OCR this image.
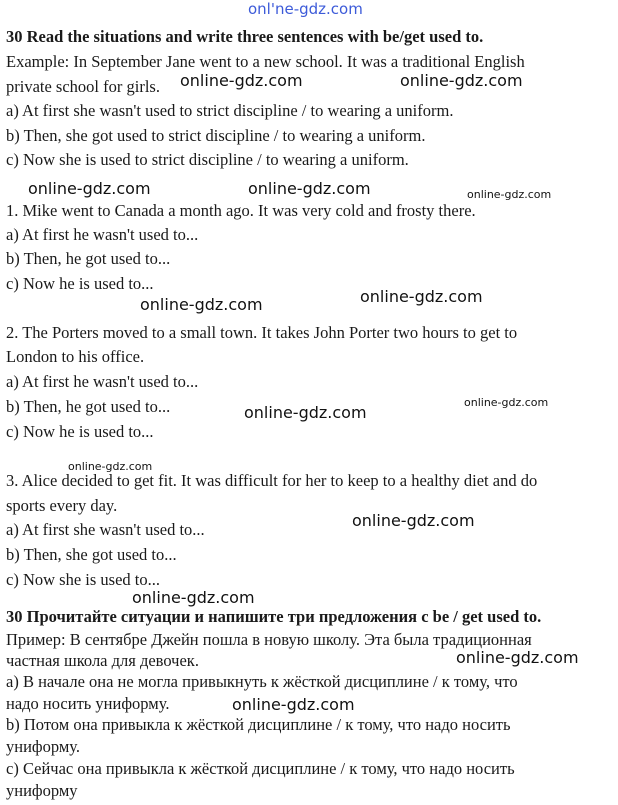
onl'ne-gdz.com
30 Read the situations and write three sentences with be/get used to.
Example: In September Jane went to a new school. It was a traditional English
private school for girls.
a) At first she wasn't used to strict discipline / to wearing a uniform.
b) Then, she got used to strict discipline / to wearing a uniform.
c) Now she is used to strict discipline / to wearing a uniform.
1. Mike went to Canada a month ago. It was very cold and frosty there.
a) At first he wasn't used to...
b) Then, he got used to...
c) Now he is used to...
2. The Porters moved to a small town. It takes John Porter two hours to get to
London to his office.
a) At first he wasn't used to...
b) Then, he got used to...
c) Now he is used to...
3. Alice decided to get fit. It was difficult for her to keep to a healthy diet and do
sports every day.
a) At first she wasn't used to...
b) Then, she got used to...
c) Now she is used to...
30 Прочитайте ситуации и напишите три предложения с be / get used to.
Пример: В сентябре Джейн пошла в новую школу. Эта была традиционная
частная школа для девочек.
а) В начале она не могла привыкнуть к жёсткой дисциплине / к тому, что
надо носить униформу.
b) Потом она привыкла к жёсткой дисциплине / к тому, что надо носить
униформу.
с) Сейчас она привыкла к жёсткой дисциплине / к тому, что надо носить
униформу
online-gdz.com	online-gdz.com
online-gdz.com	online-gdz.com	online-gdz.com
online-gdz.com	online-gdz.com
online-gdz.com
online-gdz.com
online-gdz.com
online-gdz.com
online-gdz.com
online-gdz.com
online-gdz.com
